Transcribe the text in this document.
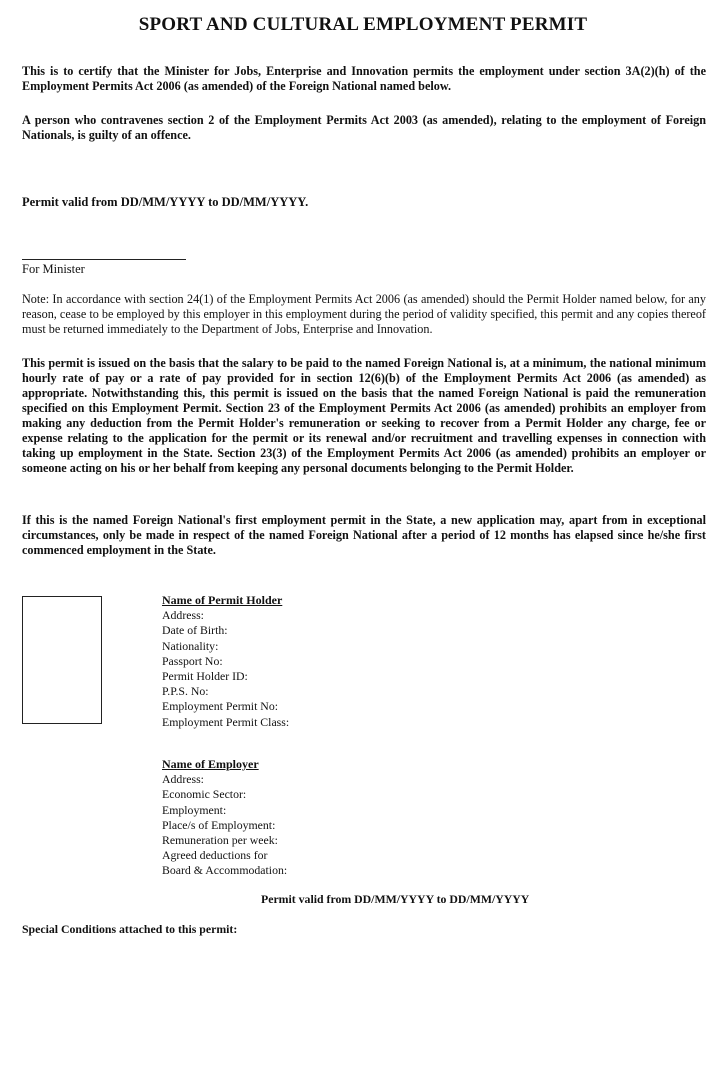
SPORT AND CULTURAL EMPLOYMENT PERMIT
This is to certify that the Minister for Jobs, Enterprise and Innovation permits the employment under section 3A(2)(h) of the Employment Permits Act 2006 (as amended) of the Foreign National named below.
A person who contravenes section 2 of the Employment Permits Act 2003 (as amended), relating to the employment of Foreign Nationals, is guilty of an offence.
Permit valid from DD/MM/YYYY to DD/MM/YYYY.
For Minister
Note: In accordance with section 24(1) of the Employment Permits Act 2006 (as amended) should the Permit Holder named below, for any reason, cease to be employed by this employer in this employment during the period of validity specified, this permit and any copies thereof must be returned immediately to the Department of Jobs, Enterprise and Innovation.
This permit is issued on the basis that the salary to be paid to the named Foreign National is, at a minimum, the national minimum hourly rate of pay or a rate of pay provided for in section 12(6)(b) of the Employment Permits Act 2006 (as amended) as appropriate. Notwithstanding this, this permit is issued on the basis that the named Foreign National is paid the remuneration specified on this Employment Permit. Section 23 of the Employment Permits Act 2006 (as amended) prohibits an employer from making any deduction from the Permit Holder's remuneration or seeking to recover from a Permit Holder any charge, fee or expense relating to the application for the permit or its renewal and/or recruitment and travelling expenses in connection with taking up employment in the State. Section 23(3) of the Employment Permits Act 2006 (as amended) prohibits an employer or someone acting on his or her behalf from keeping any personal documents belonging to the Permit Holder.
If this is the named Foreign National's first employment permit in the State, a new application may, apart from in exceptional circumstances, only be made in respect of the named Foreign National after a period of 12 months has elapsed since he/she first commenced employment in the State.
Name of Permit Holder
Address:
Date of Birth:
Nationality:
Passport No:
Permit Holder ID:
P.P.S. No:
Employment Permit No:
Employment Permit Class:
Name of Employer
Address:
Economic Sector:
Employment:
Place/s of Employment:
Remuneration per week:
Agreed deductions for
Board & Accommodation:
Permit valid from DD/MM/YYYY to DD/MM/YYYY
Special Conditions attached to this permit:
